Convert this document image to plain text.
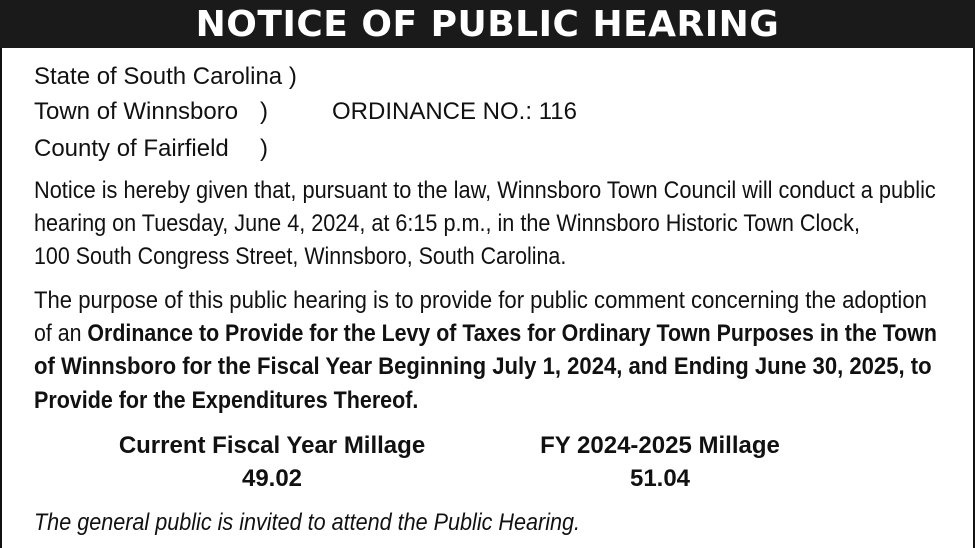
NOTICE OF PUBLIC HEARING
State of South Carolina )
Town of Winnsboro )	ORDINANCE NO.: 116
County of Fairfield )
Notice is hereby given that, pursuant to the law, Winnsboro Town Council will conduct a public
hearing on Tuesday, June 4, 2024, at 6:15 p.m., in the Winnsboro Historic Town Clock,
100 South Congress Street, Winnsboro, South Carolina.
The purpose of this public hearing is to provide for public comment concerning the adoption
of an Ordinance to Provide for the Levy of Taxes for Ordinary Town Purposes in the Town
of Winnsboro for the Fiscal Year Beginning July 1, 2024, and Ending June 30, 2025, to
Provide for the Expenditures Thereof.
Current Fiscal Year Millage
49.02
FY 2024-2025 Millage
51.04
The general public is invited to attend the Public Hearing.
